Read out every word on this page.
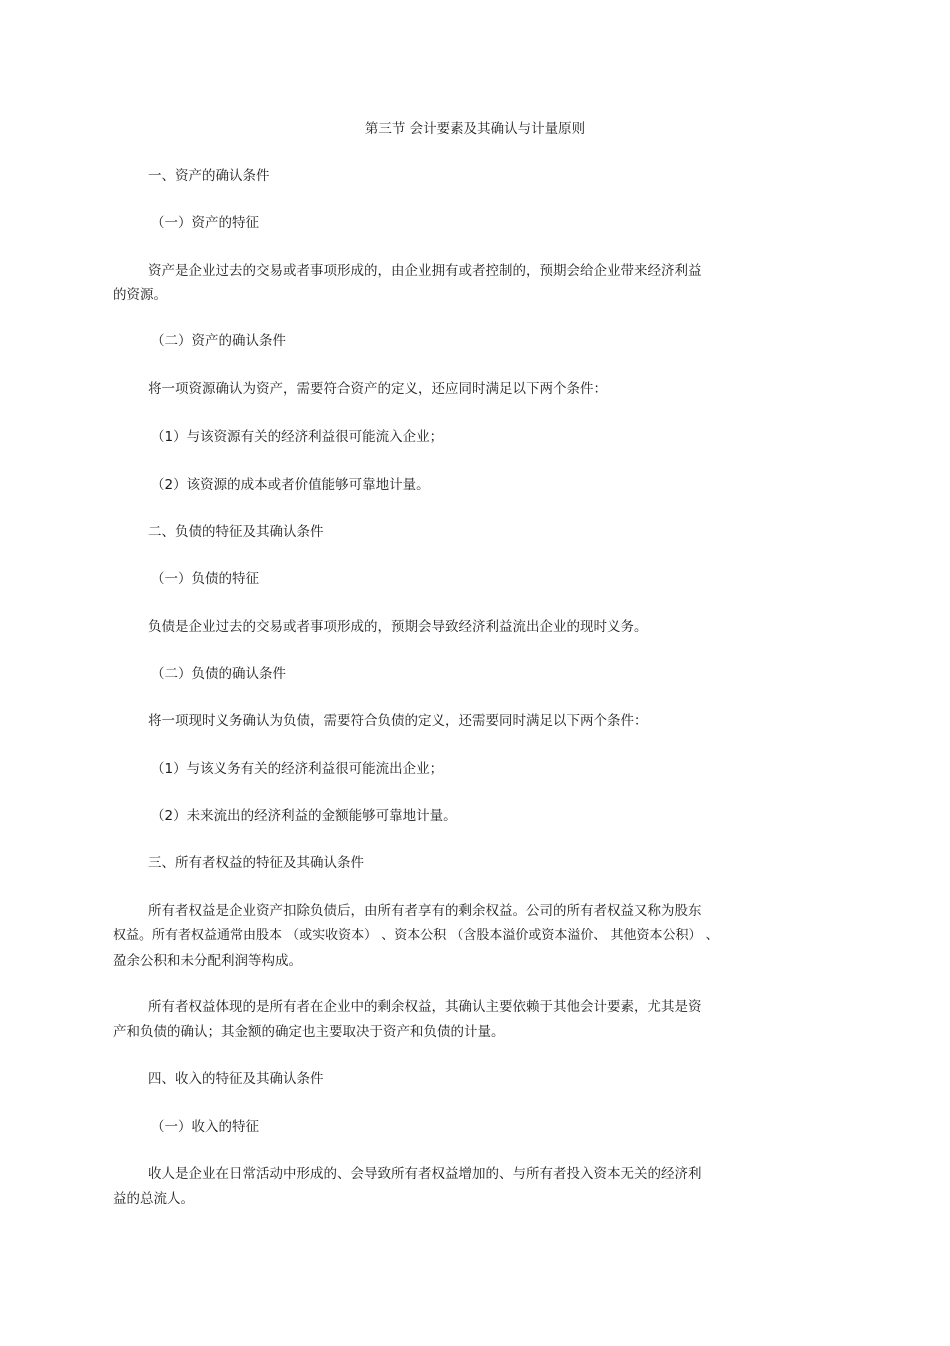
第三节 会计要素及其确认与计量原则

一、资产的确认条件

（一）资产的特征

资产是企业过去的交易或者事项形成的，由企业拥有或者控制的，预期会给企业带来经济利益

的资源。

（二）资产的确认条件

将一项资源确认为资产，需要符合资产的定义，还应同时满足以下两个条件：

（1）与该资源有关的经济利益很可能流入企业；

（2）该资源的成本或者价值能够可靠地计量。

二、负债的特征及其确认条件

（一）负债的特征

负债是企业过去的交易或者事项形成的，预期会导致经济利益流出企业的现时义务。

（二）负债的确认条件

将一项现时义务确认为负债，需要符合负债的定义，还需要同时满足以下两个条件：

（1）与该义务有关的经济利益很可能流出企业；

（2）未来流出的经济利益的金额能够可靠地计量。

三、所有者权益的特征及其确认条件

所有者权益是企业资产扣除负债后，由所有者享有的剩余权益。公司的所有者权益又称为股东

权益。所有者权益通常由股本 （或实收资本） 、资本公积 （含股本溢价或资本溢价、 其他资本公积） 、

盈余公积和未分配利润等构成。

所有者权益体现的是所有者在企业中的剩余权益，其确认主要依赖于其他会计要素，尤其是资

产和负债的确认；其金额的确定也主要取决于资产和负债的计量。

四、收入的特征及其确认条件

（一）收入的特征

收人是企业在日常活动中形成的、会导致所有者权益增加的、与所有者投入资本无关的经济利

益的总流人。
